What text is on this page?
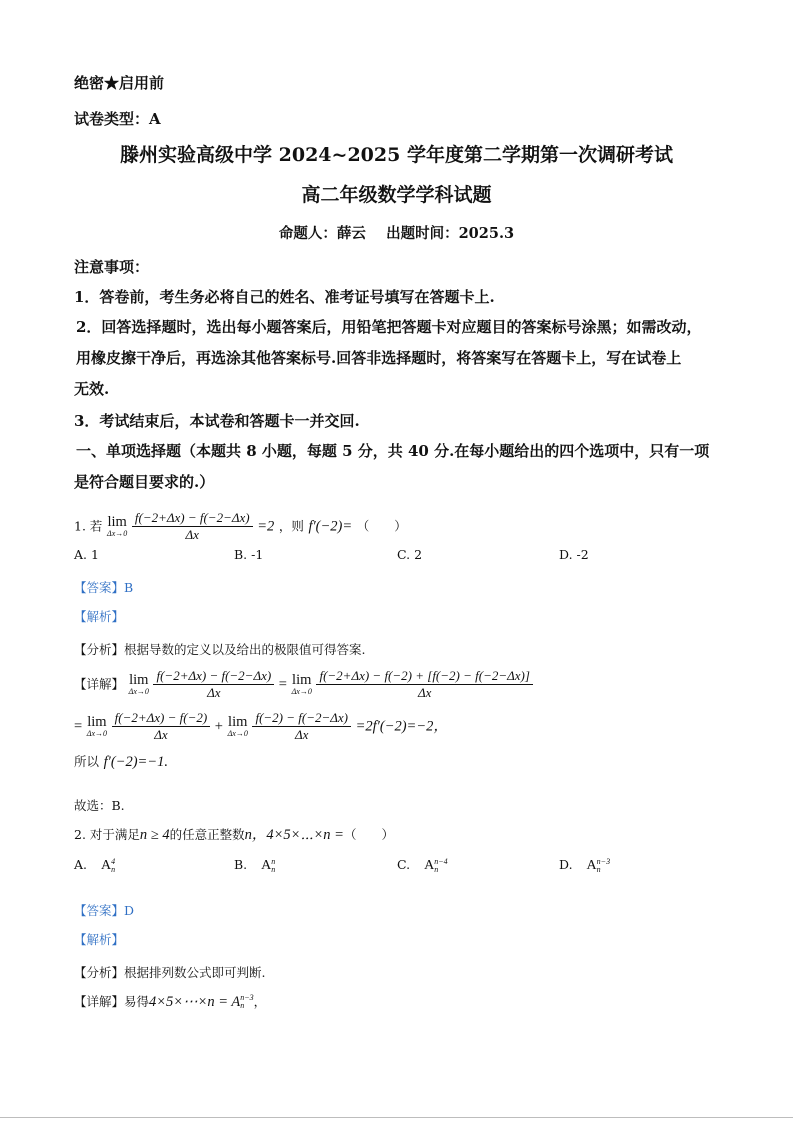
绝密★启用前
试卷类型：A
滕州实验高级中学 2024~2025 学年度第二学期第一次调研考试
高二年级数学学科试题
命题人：薛云    出题时间：2025.3
注意事项：
1．答卷前，考生务必将自己的姓名、准考证号填写在答题卡上.
2．回答选择题时，选出每小题答案后，用铅笔把答题卡对应题目的答案标号涂黑；如需改动，
用橡皮擦干净后，再选涂其他答案标号.回答非选择题时，将答案写在答题卡上，写在试卷上
无效.
3．考试结束后，本试卷和答题卡一并交回.
一、单项选择题（本题共 8 小题，每题 5 分，共 40 分.在每小题给出的四个选项中，只有一项
是符合题目要求的.）
1. 若 lim
Δx→0
$\frac{f(-2+\Delta x) - f(-2-\Delta x)}{\Delta x} =2$ ，则 f′(−2)= （　　）
A. 1	B. -1	C. 2	D. -2
【答案】B
【解析】
【分析】根据导数的定义以及给出的极限值可得答案.
【详解】 lim
Δx→0
$\frac{f(-2+\Delta x) - f(-2-\Delta x)}{\Delta x} = \lim$
Δx→0
$\frac{f(-2+\Delta x) - f(-2) + [f(-2) - f(-2-\Delta x)]}{\Delta x}$
= lim
Δx→0
$\frac{f(-2+\Delta x) - f(-2)}{\Delta x} + \lim$
Δx→0
$\frac{f(-2) - f(-2-\Delta x)}{\Delta x} =2f'(-2)=-2$，
所以 f′(−2)=−1.
故选：B.
2. 对于满足n ≥ 4的任意正整数n，4×5×⋯×n =（　　）
A. A 4
n	B. A n
n	C. A n−4
n	D. A n−3
n
【答案】D
【解析】
【分析】根据排列数公式即可判断.
【详解】易得4×5×⋯×n = A n−3
n ，
